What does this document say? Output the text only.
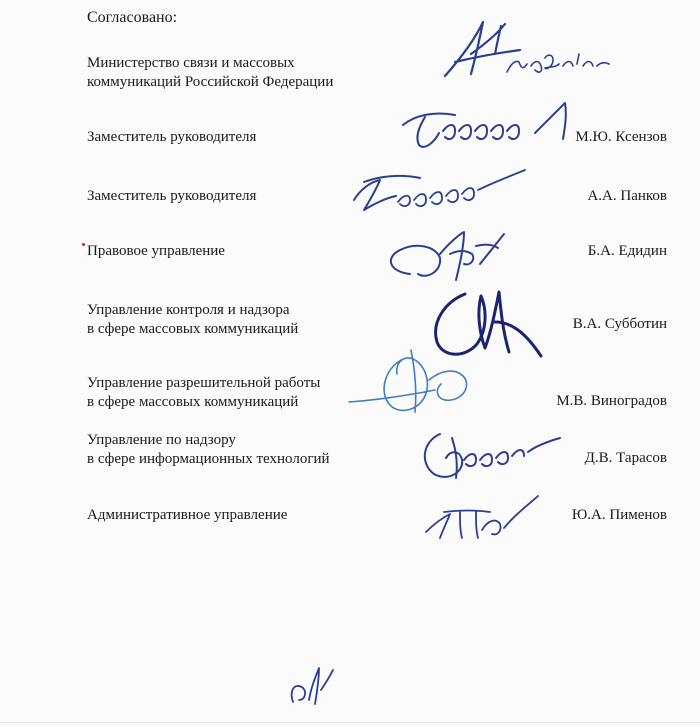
Согласовано:
Министерство связи и массовых
коммуникаций Российской Федерации
Заместитель руководителя	М.Ю. Ксензов
Заместитель руководителя	А.А. Панков
Правовое управление	Б.А. Едидин
Управление контроля и надзора
в сфере массовых коммуникаций	В.А. Субботин
Управление разрешительной работы
в сфере массовых коммуникаций	М.В. Виноградов
Управление по надзору
в сфере информационных технологий	Д.В. Тарасов
Административное управление	Ю.А. Пименов
